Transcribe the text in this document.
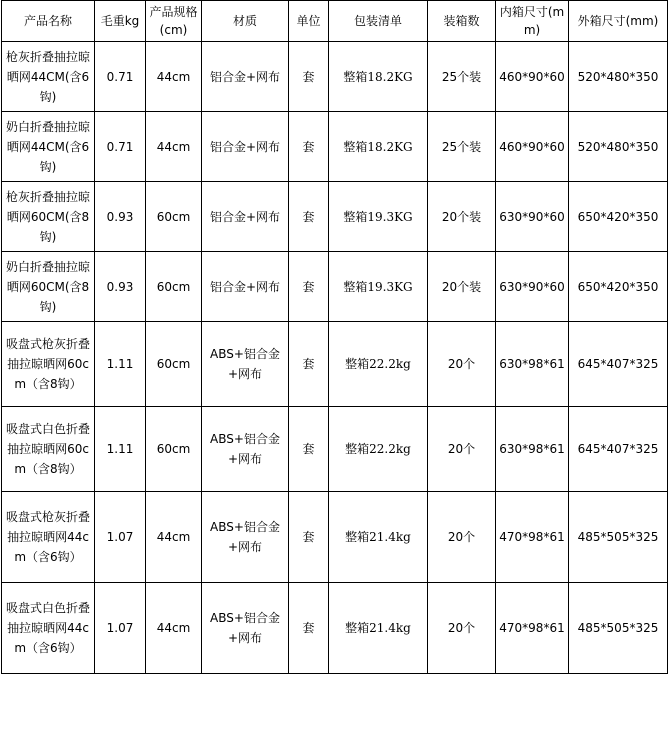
产品名称	毛重kg	产品规格(cm)	材质	单位	包装清单	装箱数	内箱尺寸(mm)	外箱尺寸(mm)
枪灰折叠抽拉晾晒网44CM(含6钩)	0.71	44cm	铝合金+网布	套	整箱18.2KG	25个装	460*90*60	520*480*350
奶白折叠抽拉晾晒网44CM(含6钩)	0.71	44cm	铝合金+网布	套	整箱18.2KG	25个装	460*90*60	520*480*350
枪灰折叠抽拉晾晒网60CM(含8钩)	0.93	60cm	铝合金+网布	套	整箱19.3KG	20个装	630*90*60	650*420*350
奶白折叠抽拉晾晒网60CM(含8钩)	0.93	60cm	铝合金+网布	套	整箱19.3KG	20个装	630*90*60	650*420*350
吸盘式枪灰折叠抽拉晾晒网60cm（含8钩）	1.11	60cm	ABS+铝合金+网布	套	整箱22.2kg	20个	630*98*61	645*407*325
吸盘式白色折叠抽拉晾晒网60cm（含8钩）	1.11	60cm	ABS+铝合金+网布	套	整箱22.2kg	20个	630*98*61	645*407*325
吸盘式枪灰折叠抽拉晾晒网44cm（含6钩）	1.07	44cm	ABS+铝合金+网布	套	整箱21.4kg	20个	470*98*61	485*505*325
吸盘式白色折叠抽拉晾晒网44cm（含6钩）	1.07	44cm	ABS+铝合金+网布	套	整箱21.4kg	20个	470*98*61	485*505*325
